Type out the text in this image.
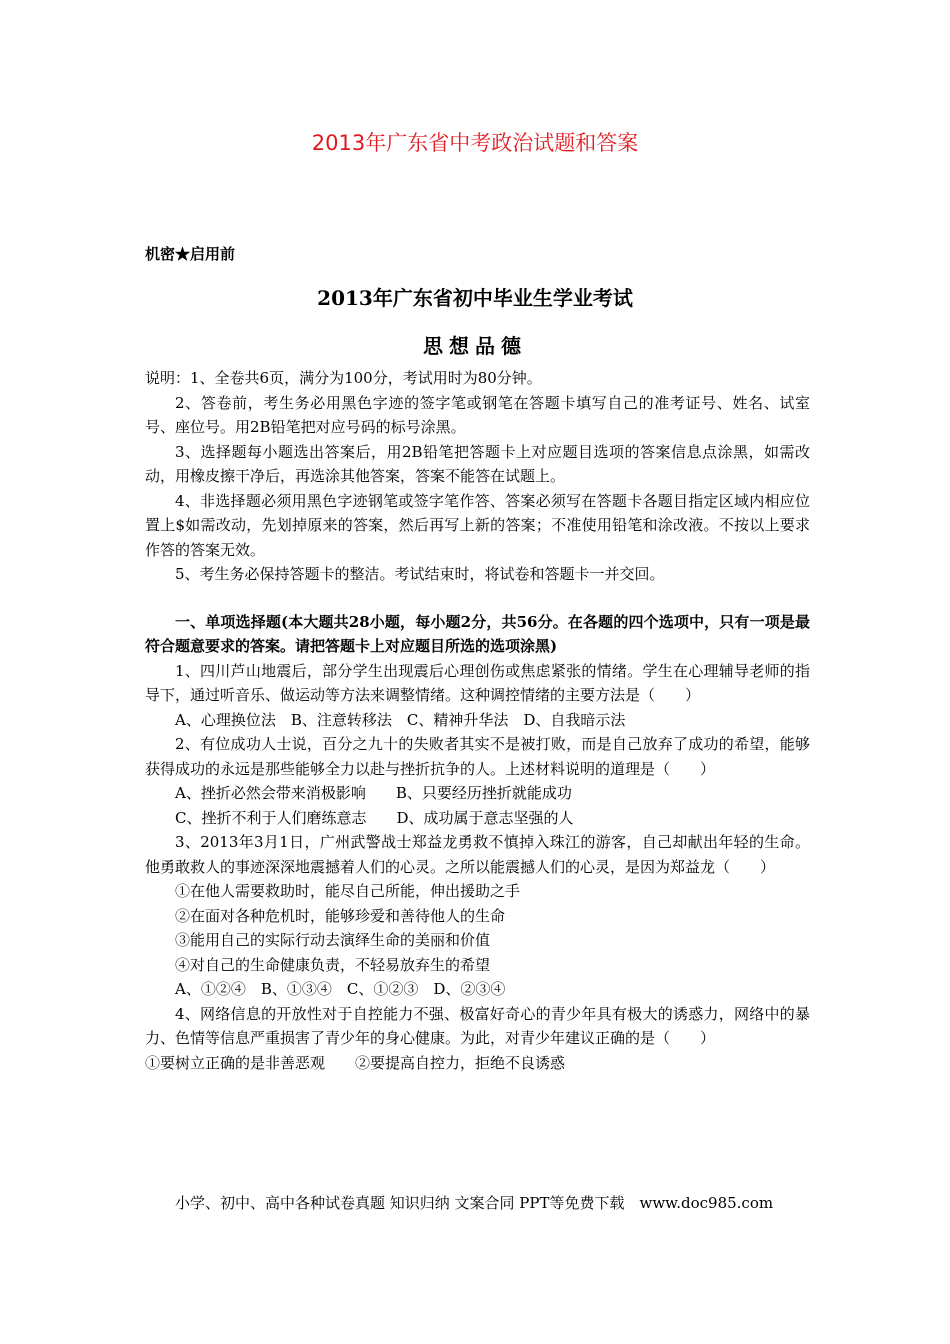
2013年广东省中考政治试题和答案
机密★启用前
2013年广东省初中毕业生学业考试
思想品德

说明：1、全卷共6页，满分为100分，考试用时为80分钟。

2、答卷前，考生务必用黑色字迹的签字笔或钢笔在答题卡填写自己的准考证号、姓名、试室号、座位号。用2B铅笔把对应号码的标号涂黑。

3、选择题每小题选出答案后，用2B铅笔把答题卡上对应题目选项的答案信息点涂黑，如需改动，用橡皮擦干净后，再选涂其他答案，答案不能答在试题上。

4、非选择题必须用黑色字迹钢笔或签字笔作答、答案必须写在答题卡各题目指定区域内相应位置上$如需改动，先划掉原来的答案，然后再写上新的答案；不准使用铅笔和涂改液。不按以上要求作答的答案无效。

5、考生务必保持答题卡的整洁。考试结束时，将试卷和答题卡一并交回。

一、单项选择题(本大题共28小题，每小题2分，共56分。在各题的四个选项中，只有一项是最符合题意要求的答案。请把答题卡上对应题目所选的选项涂黑)

1、四川芦山地震后，部分学生出现震后心理创伤或焦虑紧张的情绪。学生在心理辅导老师的指导下，通过听音乐、做运动等方法来调整情绪。这种调控情绪的主要方法是（　　）

A、心理换位法　B、注意转移法　C、精神升华法　D、自我暗示法

2、有位成功人士说，百分之九十的失败者其实不是被打败，而是自己放弃了成功的希望，能够获得成功的永远是那些能够全力以赴与挫折抗争的人。上述材料说明的道理是（　　）

A、挫折必然会带来消极影响　　B、只要经历挫折就能成功

C、挫折不利于人们磨练意志　　D、成功属于意志坚强的人

3、2013年3月1日，广州武警战士郑益龙勇救不慎掉入珠江的游客，自己却献出年轻的生命。他勇敢救人的事迹深深地震撼着人们的心灵。之所以能震撼人们的心灵，是因为郑益龙（　　）

①在他人需要救助时，能尽自己所能，伸出援助之手

②在面对各种危机时，能够珍爱和善待他人的生命

③能用自己的实际行动去演绎生命的美丽和价值

④对自己的生命健康负责，不轻易放弃生的希望

A、①②④　B、①③④　C、①②③　D、②③④

4、网络信息的开放性对于自控能力不强、极富好奇心的青少年具有极大的诱惑力，网络中的暴力、色情等信息严重损害了青少年的身心健康。为此，对青少年建议正确的是（　　）

①要树立正确的是非善恶观　　②要提高自控力，拒绝不良诱惑

小学、初中、高中各种试卷真题 知识归纳 文案合同 PPT等免费下载　www.doc985.com
